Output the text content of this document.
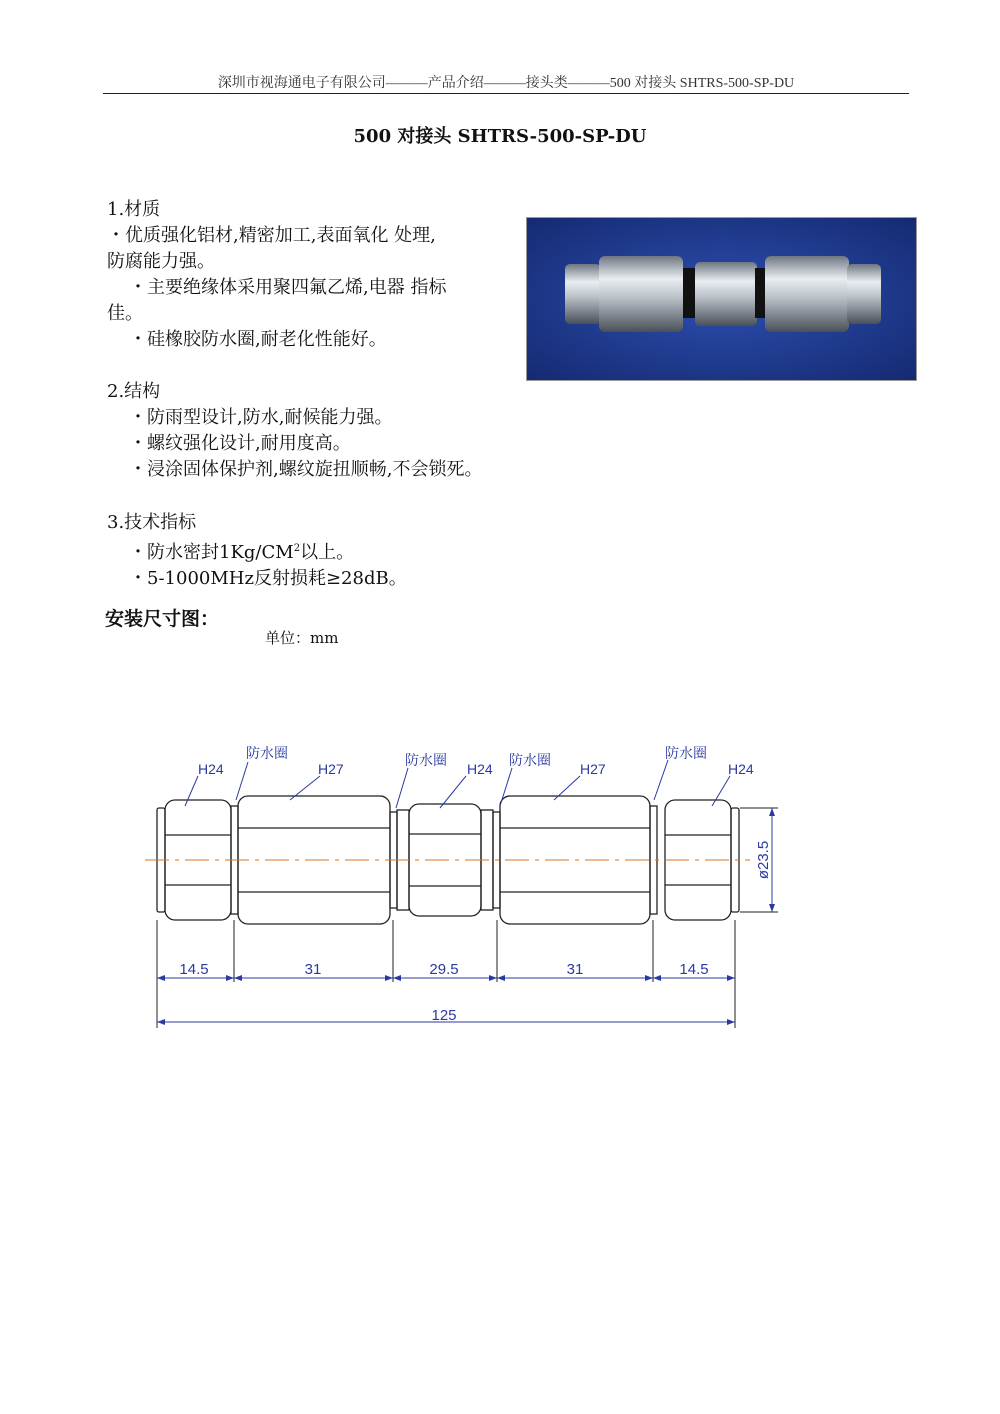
深圳市视海通电子有限公司———产品介绍———接头类———500 对接头 SHTRS-500-SP-DU
500 对接头 SHTRS-500-SP-DU
1.材质
・优质强化铝材,精密加工,表面氧化 处理,
防腐能力强。
・主要绝缘体采用聚四氟乙烯,电器 指标
佳。
・硅橡胶防水圈,耐老化性能好。
2.结构
・防雨型设计,防水,耐候能力强。
・螺纹强化设计,耐用度高。
・浸涂固体保护剂,螺纹旋扭顺畅,不会锁死。
3.技术指标
・防水密封$1Kg/CM^2$以上。
・5-1000MHz反射损耗≥28dB。
安装尺寸图：
单位：mm
H24
防水圈
H27
防水圈
H24
防水圈
H27
防水圈
H24
14.5	31	29.5	31	14.5
125
ø23.5
